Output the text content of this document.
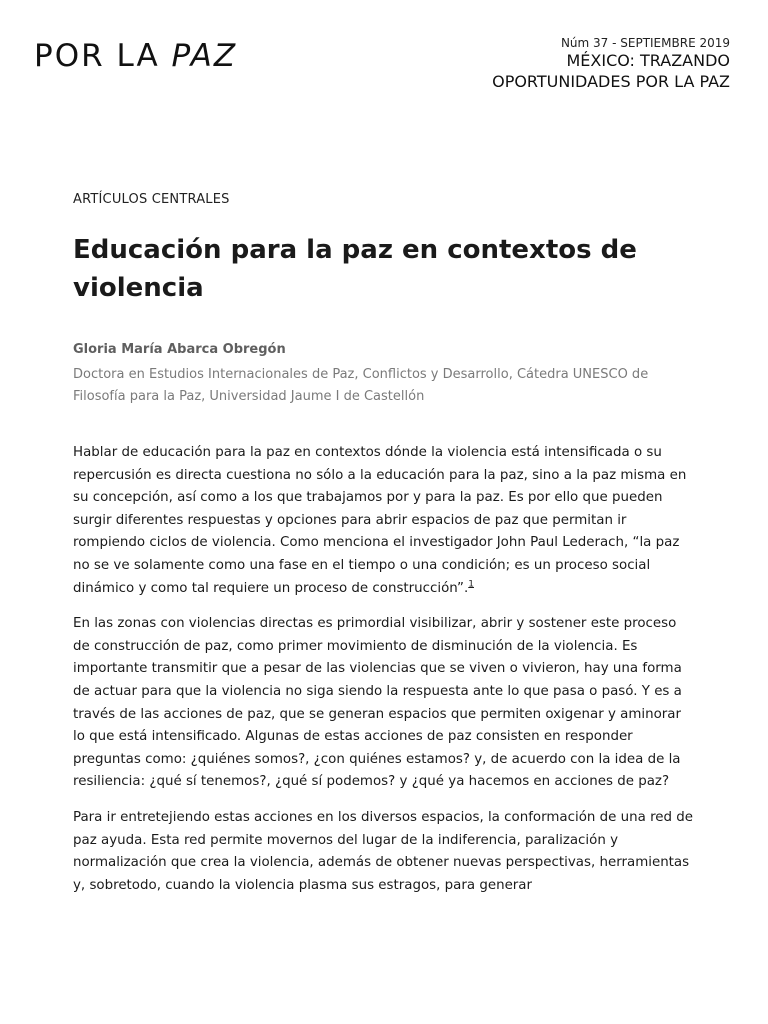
POR LA PAZ	Núm 37 - SEPTIEMBRE 2019
MÉXICO: TRAZANDO OPORTUNIDADES POR LA PAZ
ARTÍCULOS CENTRALES
Educación para la paz en contextos de violencia
Gloria María Abarca Obregón
Doctora en Estudios Internacionales de Paz, Conflictos y Desarrollo, Cátedra UNESCO de Filosofía para la Paz, Universidad Jaume I de Castellón

Hablar de educación para la paz en contextos dónde la violencia está intensificada o su repercusión es directa cuestiona no sólo a la educación para la paz, sino a la paz misma en su concepción, así como a los que trabajamos por y para la paz. Es por ello que pueden surgir diferentes respuestas y opciones para abrir espacios de paz que permitan ir rompiendo ciclos de violencia. Como menciona el investigador John Paul Lederach, “la paz no se ve solamente como una fase en el tiempo o una condición; es un proceso social dinámico y como tal requiere un proceso de construcción”.$^1$

En las zonas con violencias directas es primordial visibilizar, abrir y sostener este proceso de construcción de paz, como primer movimiento de disminución de la violencia. Es importante transmitir que a pesar de las violencias que se viven o vivieron, hay una forma de actuar para que la violencia no siga siendo la respuesta ante lo que pasa o pasó. Y es a través de las acciones de paz, que se generan espacios que permiten oxigenar y aminorar lo que está intensificado. Algunas de estas acciones de paz consisten en responder preguntas como: ¿quiénes somos?, ¿con quiénes estamos? y, de acuerdo con la idea de la resiliencia: ¿qué sí tenemos?, ¿qué sí podemos? y ¿qué ya hacemos en acciones de paz?

Para ir entretejiendo estas acciones en los diversos espacios, la conformación de una red de paz ayuda. Esta red permite movernos del lugar de la indiferencia, paralización y normalización que crea la violencia, además de obtener nuevas perspectivas, herramientas y, sobretodo, cuando la violencia plasma sus estragos, para generar
